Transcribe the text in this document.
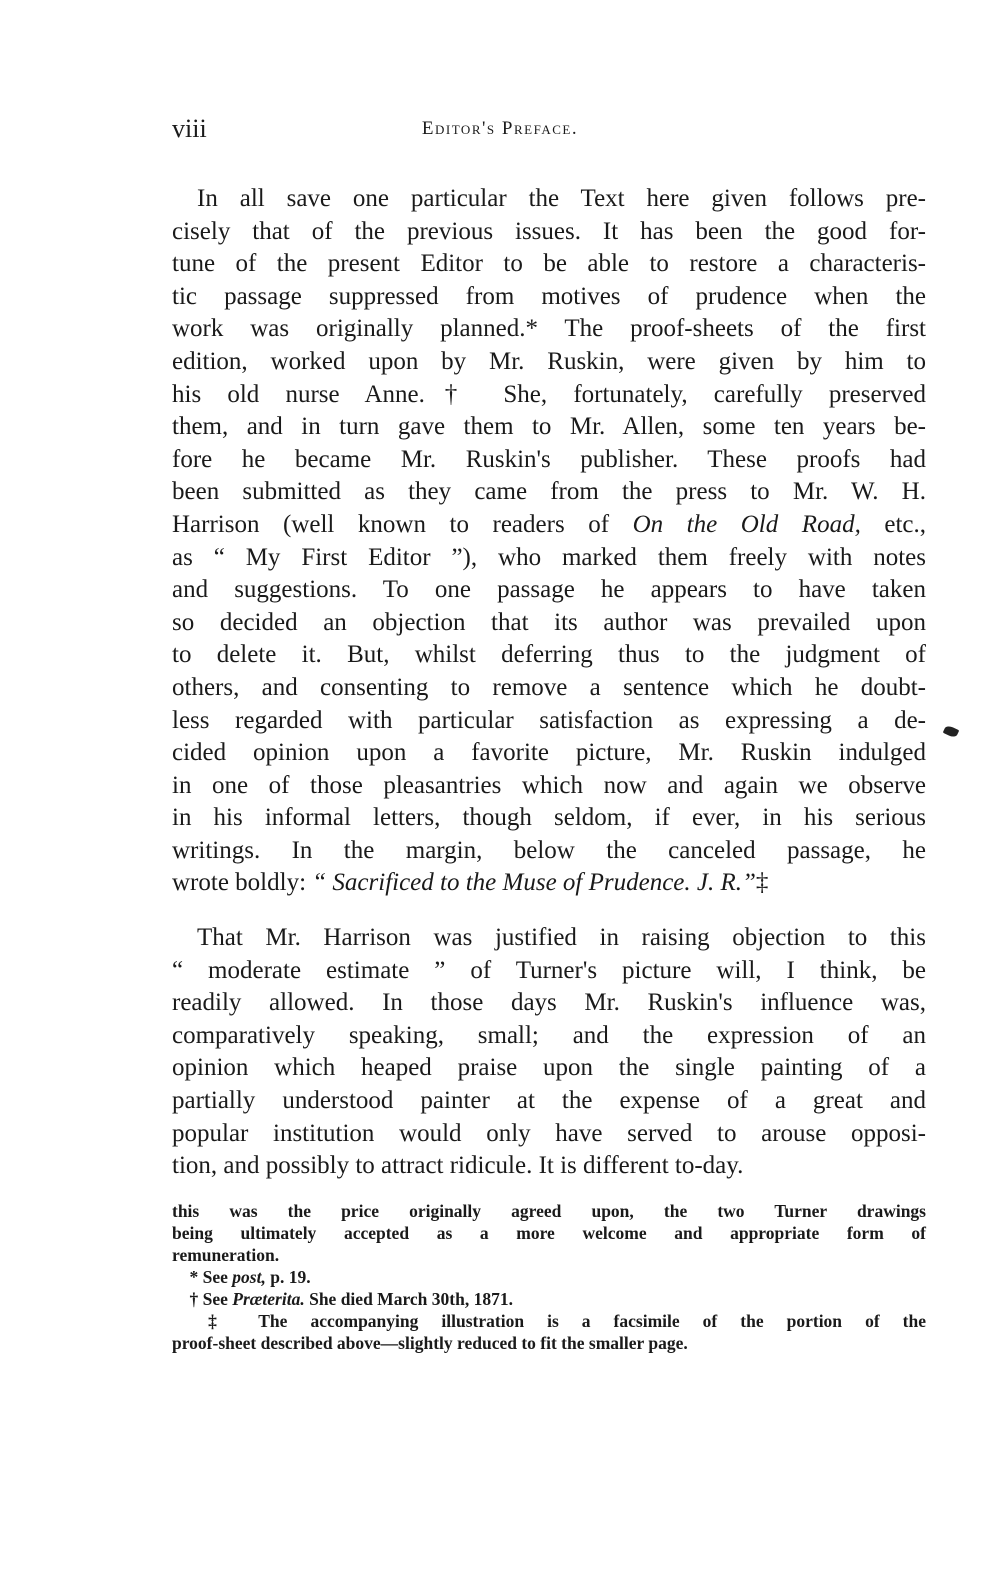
viii	Editor's Preface.
 In all save one particular the Text here given follows pre-
cisely that of the previous issues. It has been the good for-
tune of the present Editor to be able to restore a characteris-
tic passage suppressed from motives of prudence when the
work was originally planned.* The proof-sheets of the first
edition, worked upon by Mr. Ruskin, were given by him to
his old nurse Anne.† She, fortunately, carefully preserved
them, and in turn gave them to Mr. Allen, some ten years be-
fore he became Mr. Ruskin's publisher. These proofs had
been submitted as they came from the press to Mr. W. H.
Harrison (well known to readers of On the Old Road, etc.,
as “ My First Editor ”), who marked them freely with notes
and suggestions. To one passage he appears to have taken
so decided an objection that its author was prevailed upon
to delete it. But, whilst deferring thus to the judgment of
others, and consenting to remove a sentence which he doubt-
less regarded with particular satisfaction as expressing a de-
cided opinion upon a favorite picture, Mr. Ruskin indulged
in one of those pleasantries which now and again we observe
in his informal letters, though seldom, if ever, in his serious
writings. In the margin, below the canceled passage, he
wrote boldly: “ Sacrificed to the Muse of Prudence. J. R.”‡
 That Mr. Harrison was justified in raising objection to this
“ moderate estimate ” of Turner's picture will, I think, be
readily allowed. In those days Mr. Ruskin's influence was,
comparatively speaking, small; and the expression of an
opinion which heaped praise upon the single painting of a
partially understood painter at the expense of a great and
popular institution would only have served to arouse opposi-
tion, and possibly to attract ridicule. It is different to-day.
this was the price originally agreed upon, the two Turner drawings
being ultimately accepted as a more welcome and appropriate form of
remuneration.
 * See post, p. 19.
 † See Præterita. She died March 30th, 1871.
 ‡ The accompanying illustration is a facsimile of the portion of the
proof-sheet described above—slightly reduced to fit the smaller page.
